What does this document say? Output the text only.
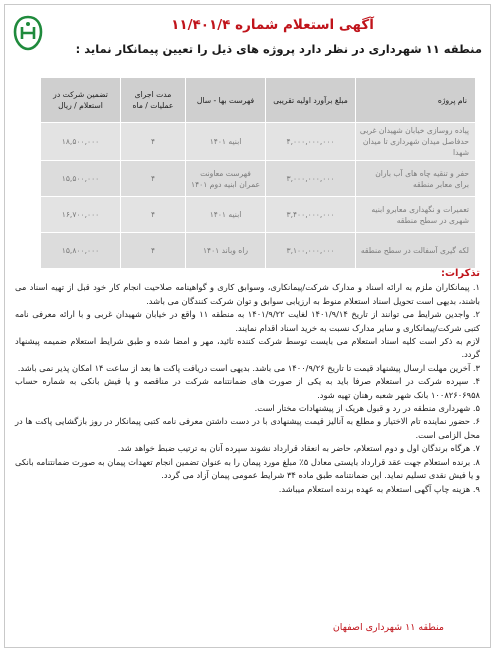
آگهی استعلام شماره ۱۱/۴۰۱/۴
منطقه ۱۱ شهرداری در نظر دارد پروژه های ذیل را تعیین پیمانکار نماید :
نام پروژه	مبلغ برآورد اولیه تقریبی	فهرست بها - سال	مدت اجرای عملیات / ماه	تضمین شرکت در استعلام / ریال
پیاده روسازی خیابان شهیدان غربی حدفاصل میدان شهرداری تا میدان شهدا	۴,۰۰۰,۰۰۰,۰۰۰	ابنیه ۱۴۰۱	۴	۱۸,۵۰۰,۰۰۰
حفر و تنقیه چاه های آب باران برای معابر منطقه	۳,۰۰۰,۰۰۰,۰۰۰	فهرست معاونت عمران ابنیه دوم ۱۴۰۱	۴	۱۵,۵۰۰,۰۰۰
تعمیرات و نگهداری معابرو ابنیه شهری در سطح منطقه	۳,۴۰۰,۰۰۰,۰۰۰	ابنیه ۱۴۰۱	۴	۱۶,۷۰۰,۰۰۰
لکه گیری آسفالت در سطح منطقه	۳,۱۰۰,۰۰۰,۰۰۰	راه وباند ۱۴۰۱	۴	۱۵,۸۰۰,۰۰۰
تذکرات:

۱. پیمانکاران ملزم به ارائه اسناد و مدارک شرکت/پیمانکاری، وسوابق کاری و گواهینامه صلاحیت انجام کار خود قبل از تهیه اسناد می باشند، بدیهی است تحویل اسناد استعلام منوط به ارزیابی سوابق و توان شرکت کنندگان می باشد.

۲. واجدین شرایط می توانند از تاریخ ۱۴۰۱/۹/۱۴ لغایت ۱۴۰۱/۹/۲۲ به منطقه ۱۱ واقع در خیابان شهیدان غربی و با ارائه معرفی نامه کتبی شرکت/پیمانکاری و سایر مدارک نسبت به خرید اسناد اقدام نمایند.

لازم به ذکر است کلیه اسناد استعلام می بایست توسط شرکت کننده تائید، مهر و امضا شده و طبق شرایط استعلام ضمیمه پیشنهاد گردد.

۳. آخرین مهلت ارسال پیشنهاد قیمت تا تاریخ ۱۴۰۰/۹/۲۶ می باشد. بدیهی است دریافت پاکت ها بعد از ساعت ۱۴ امکان پذیر نمی باشد.

۴. سپرده شرکت در استعلام صرفا باید به یکی از صورت های ضمانتنامه شرکت در مناقصه و یا فیش بانکی به شماره حساب ۱۰۰۸۲۶۰۶۹۵۸ بانک شهر شعبه رهنان تهیه شود.

۵. شهرداری منطقه در رد و قبول هریک از پیشنهادات مختار است.

۶. حضور نماینده تام الاختیار و مطلع به آنالیز قیمت پیشنهادی با در دست داشتن معرفی نامه کتبی پیمانکار در روز بازگشایی پاکت ها در محل الزامی است.

۷. هرگاه برندگان اول و دوم استعلام، حاضر به انعقاد قرارداد نشوند سپرده آنان به ترتیب ضبط خواهد شد.

۸. برنده استعلام جهت عقد قرارداد بایستی معادل ۵٪ مبلغ مورد پیمان را به عنوان تضمین انجام تعهدات پیمان به صورت ضمانتنامه بانکی و یا فیش نقدی تسلیم نماید. این ضمانتنامه طبق ماده ۳۴ شرایط عمومی پیمان آزاد می گردد.

۹. هزینه چاپ آگهی استعلام به عهده برنده استعلام میباشد.

منطقه ۱۱ شهرداری اصفهان
